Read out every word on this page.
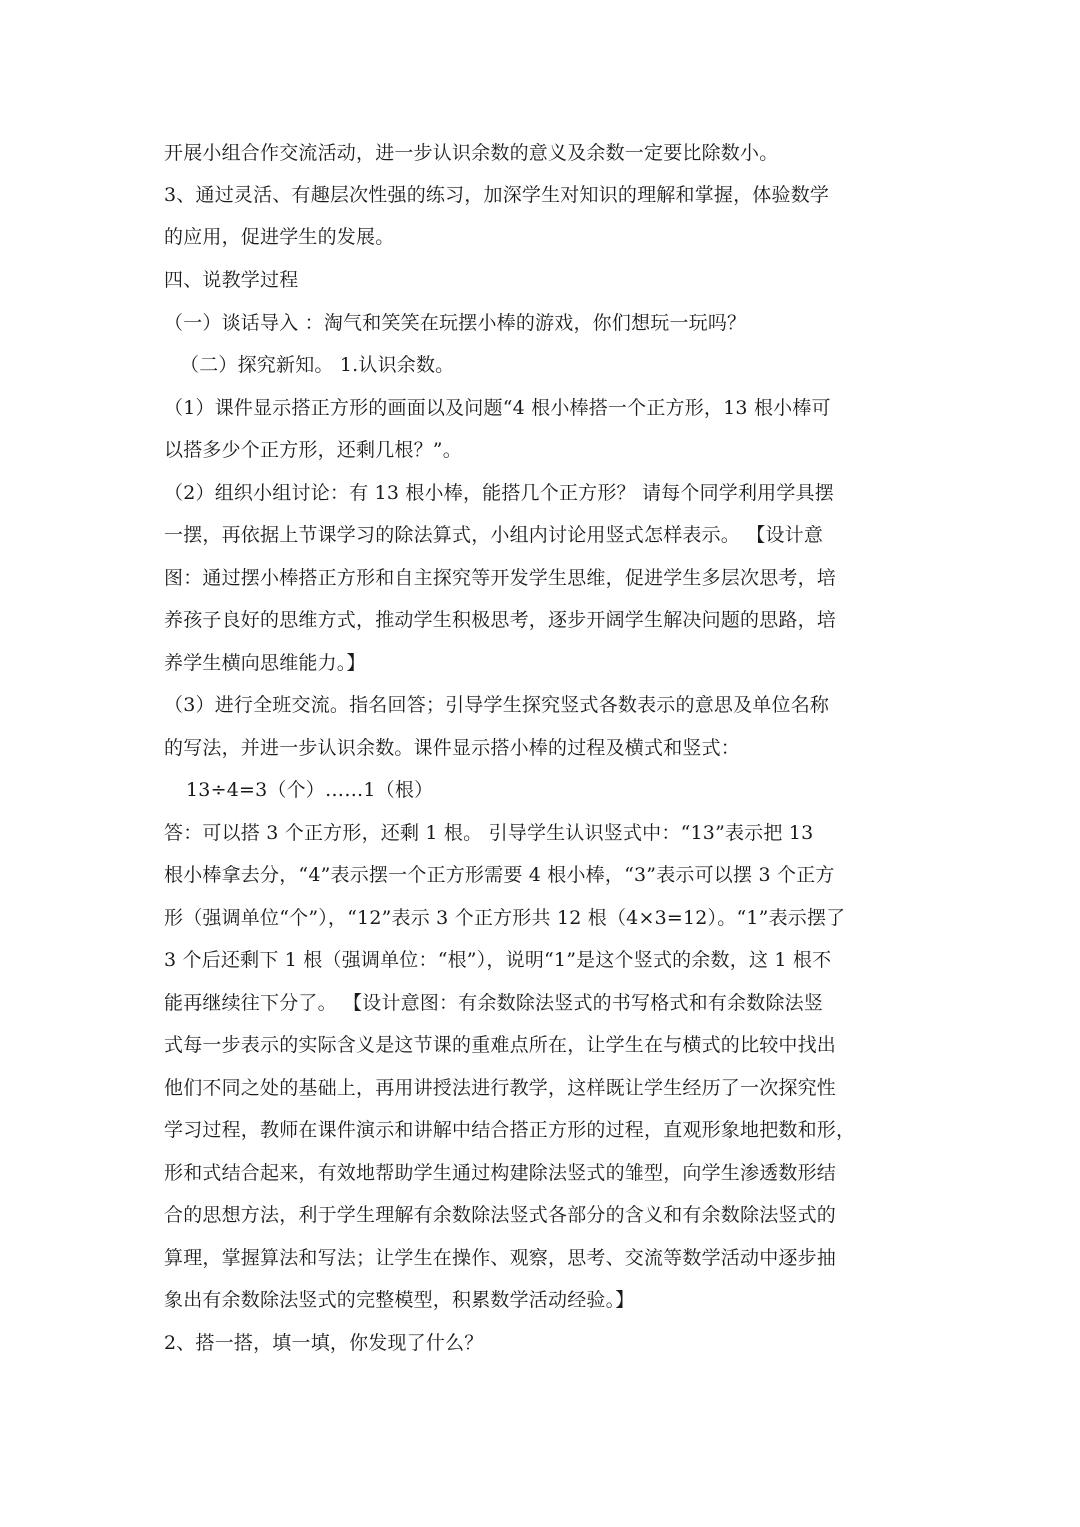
开展小组合作交流活动，进一步认识余数的意义及余数一定要比除数小。
3、通过灵活、有趣层次性强的练习，加深学生对知识的理解和掌握，体验数学
的应用，促进学生的发展。
四、说教学过程
（一）谈话导入 ：淘气和笑笑在玩摆小棒的游戏，你们想玩一玩吗？
（二）探究新知。 1.认识余数。
（1）课件显示搭正方形的画面以及问题“4 根小棒搭一个正方形，13 根小棒可
以搭多少个正方形，还剩几根？”。
（2）组织小组讨论：有 13 根小棒，能搭几个正方形？ 请每个同学利用学具摆
一摆，再依据上节课学习的除法算式，小组内讨论用竖式怎样表示。 【设计意
图：通过摆小棒搭正方形和自主探究等开发学生思维，促进学生多层次思考，培
养孩子良好的思维方式，推动学生积极思考，逐步开阔学生解决问题的思路，培
养学生横向思维能力。】
（3）进行全班交流。指名回答；引导学生探究竖式各数表示的意思及单位名称
的写法，并进一步认识余数。课件显示搭小棒的过程及横式和竖式：
13÷4=3（个）……1（根）
答：可以搭 3 个正方形，还剩 1 根。 引导学生认识竖式中：“13”表示把 13
根小棒拿去分，“4”表示摆一个正方形需要 4 根小棒，“3”表示可以摆 3 个正方
形（强调单位“个”），“12”表示 3 个正方形共 12 根（4×3=12）。“1”表示摆了
3 个后还剩下 1 根（强调单位：“根”），说明“1”是这个竖式的余数，这 1 根不
能再继续往下分了。 【设计意图：有余数除法竖式的书写格式和有余数除法竖
式每一步表示的实际含义是这节课的重难点所在，让学生在与横式的比较中找出
他们不同之处的基础上，再用讲授法进行教学，这样既让学生经历了一次探究性
学习过程，教师在课件演示和讲解中结合搭正方形的过程，直观形象地把数和形，
形和式结合起来，有效地帮助学生通过构建除法竖式的雏型，向学生渗透数形结
合的思想方法，利于学生理解有余数除法竖式各部分的含义和有余数除法竖式的
算理，掌握算法和写法；让学生在操作、观察，思考、交流等数学活动中逐步抽
象出有余数除法竖式的完整模型，积累数学活动经验。】
2、搭一搭，填一填，你发现了什么？
